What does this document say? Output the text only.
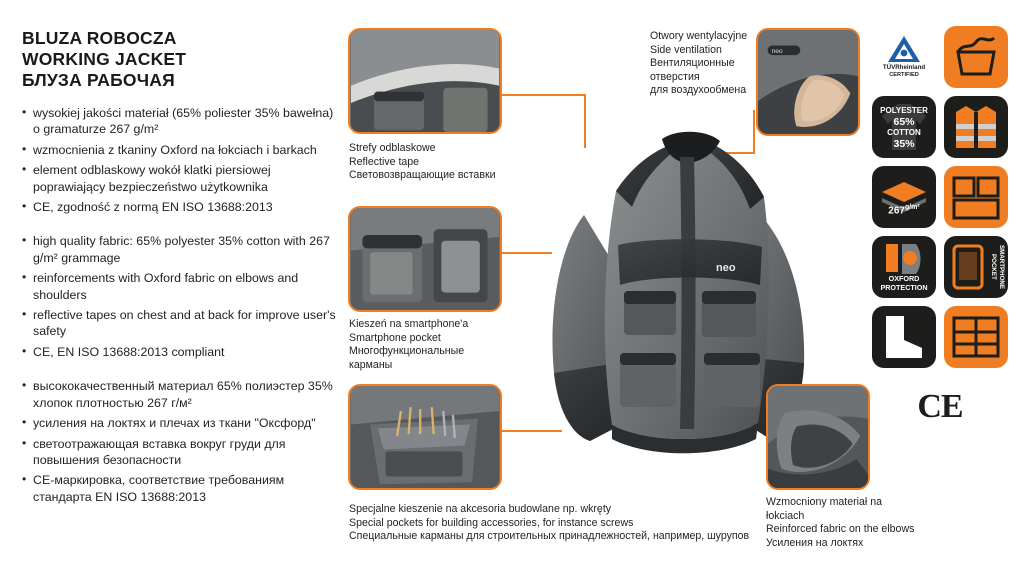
BLUZA ROBOCZA
WORKING JACKET
БЛУЗА РАБОЧАЯ
• wysokiej jakości materiał (65% poliester 35% bawełna) o gramaturze 267 g/m²
• wzmocnienia z tkaniny Oxford na łokciach i barkach
• element odblaskowy wokół klatki piersiowej poprawiający bezpieczeństwo użytkownika
• CE, zgodność z normą EN ISO 13688:2013
• high quality fabric: 65% polyester 35% cotton with 267 g/m² grammage
• reinforcements with Oxford fabric on elbows and shoulders
• reflective tapes on chest and at back for improve user's safety
• CE, EN ISO 13688:2013 compliant
• высококачественный материал 65% полиэстер 35% хлопок плотностью 267 г/м²
• усиления на локтях и плечах из ткани "Оксфорд"
• светоотражающая вставка вокруг груди для повышения безопасности
• CE-маркировка, соответствие требованиям стандарта EN ISO 13688:2013
neo
Strefy odblaskowe
Reflective tape
Световозвращающие вставки
neo
Otwory wentylacyjne
Side ventilation
Вентиляционные отверстия
для воздухообмена
Kieszeń na smartphone'a
Smartphone pocket
Многофункциональные
карманы
Specjalne kieszenie na akcesoria budowlane np. wkręty
Special pockets for building accessories, for instance screws
Специальные карманы для строительных принадлежностей, например, шурупов
Wzmocniony materiał na
łokciach
Reinforced fabric on the elbows
Усиления на локтях
TÜVRheinland
CERTIFIED
POLYESTER
65%
COTTON
35%
$267^{g/m^2}$
OXFORD
PROTECTION	SMARTPHONE POCKET
CE
